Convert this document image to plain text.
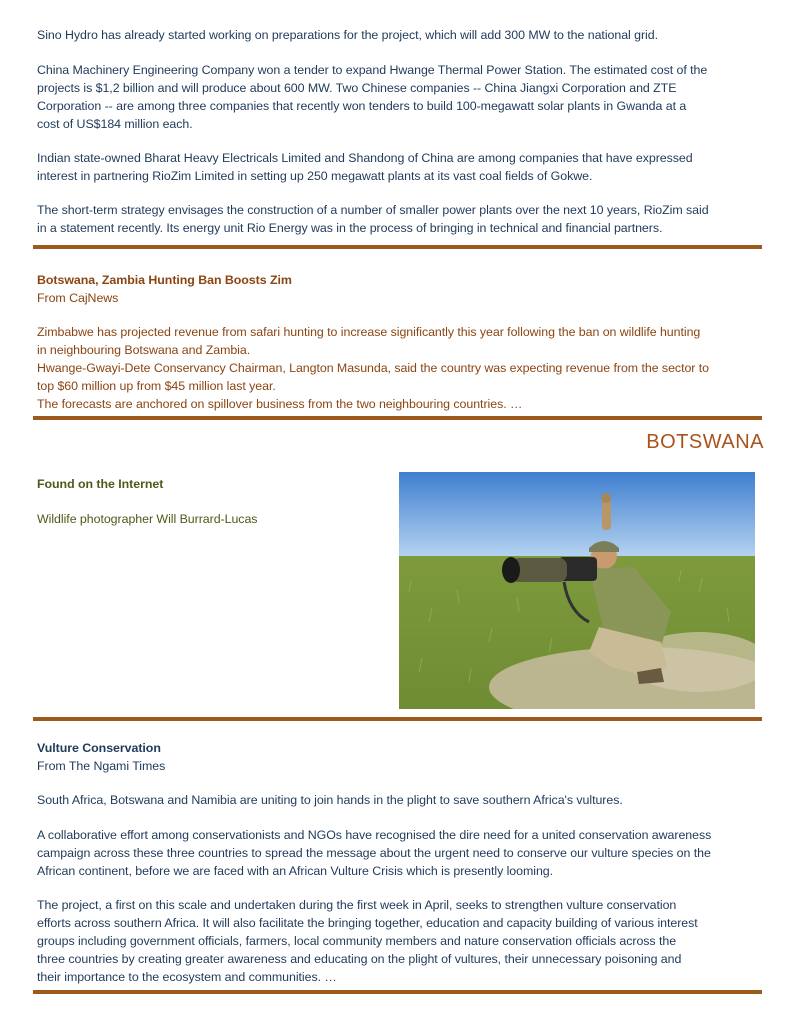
Sino Hydro has already started working on preparations for the project, which will add 300 MW to the national grid.

China Machinery Engineering Company won a tender to expand Hwange Thermal Power Station. The estimated cost of the
projects is $1,2 billion and will produce about 600 MW. Two Chinese companies -- China Jiangxi Corporation and ZTE
Corporation -- are among three companies that recently won tenders to build 100-megawatt solar plants in Gwanda at a
cost of US$184 million each.

Indian state-owned Bharat Heavy Electricals Limited and Shandong of China are among companies that have expressed
interest in partnering RioZim Limited in setting up 250 megawatt plants at its vast coal fields of Gokwe.

The short-term strategy envisages the construction of a number of smaller power plants over the next 10 years, RioZim said
in a statement recently. Its energy unit Rio Energy was in the process of bringing in technical and financial partners.

Botswana, Zambia Hunting Ban Boosts Zim

From CajNews

Zimbabwe has projected revenue from safari hunting to increase significantly this year following the ban on wildlife hunting
in neighbouring Botswana and Zambia.
Hwange-Gwayi-Dete Conservancy Chairman, Langton Masunda, said the country was expecting revenue from the sector to
top $60 million up from $45 million last year.
The forecasts are anchored on spillover business from the two neighbouring countries. …

BOTSWANA

Found on the Internet

Wildlife photographer Will Burrard-Lucas

Vulture Conservation

From The Ngami Times

South Africa, Botswana and Namibia are uniting to join hands in the plight to save southern Africa's vultures.

A collaborative effort among conservationists and NGOs have recognised the dire need for a united conservation awareness
campaign across these three countries to spread the message about the urgent need to conserve our vulture species on the
African continent, before we are faced with an African Vulture Crisis which is presently looming.

The project, a first on this scale and undertaken during the first week in April, seeks to strengthen vulture conservation
efforts across southern Africa. It will also facilitate the bringing together, education and capacity building of various interest
groups including government officials, farmers, local community members and nature conservation officials across the
three countries by creating greater awareness and educating on the plight of vultures, their unnecessary poisoning and
their importance to the ecosystem and communities. …
